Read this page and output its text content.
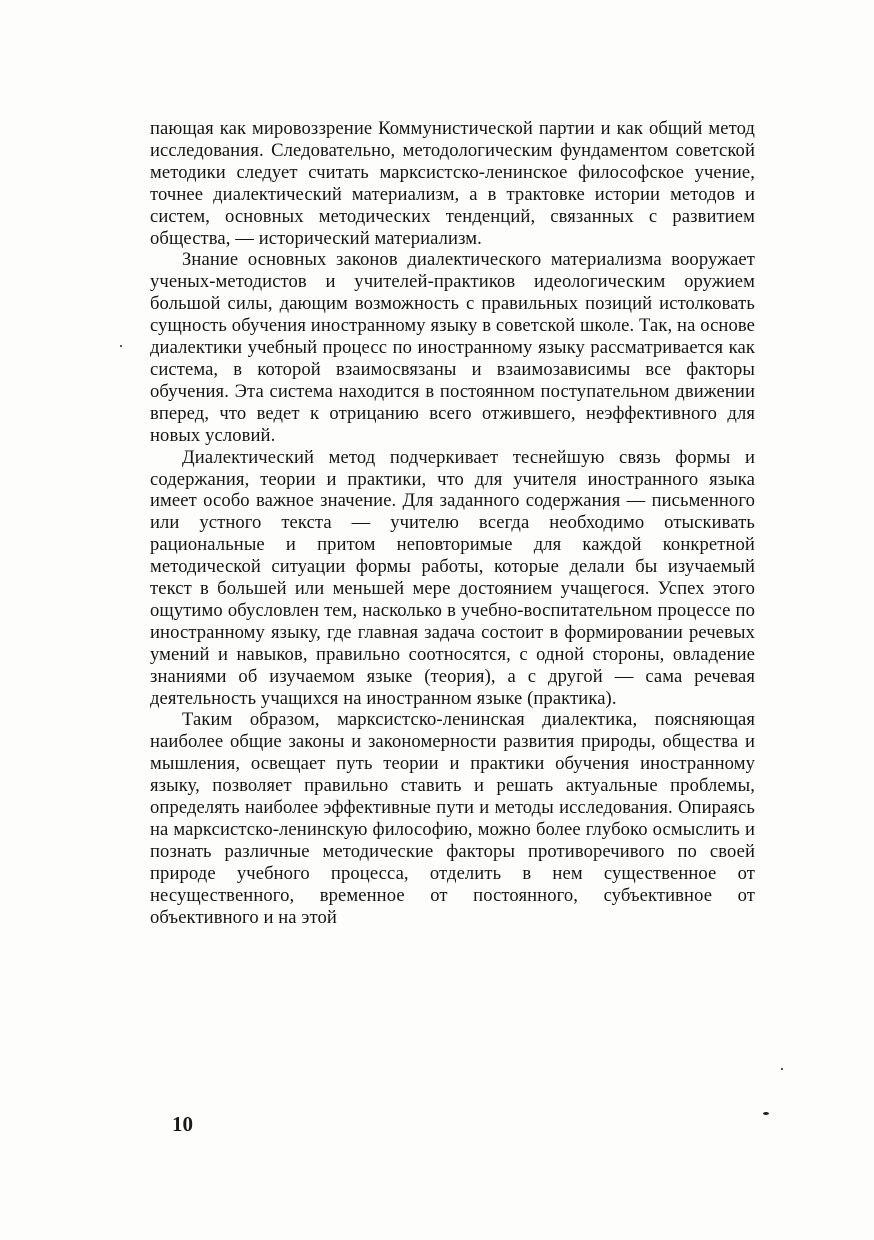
пающая как мировоззрение Коммунистической партии и как общий метод исследования. Следовательно, методологическим фундаментом советской методики следует считать марксистско-ленинское философское учение, точнее диалектический материализм, а в трактовке истории методов и систем, основных методических тенденций, связанных с развитием общества, — исторический материализм.

Знание основных законов диалектического материализма вооружает ученых-методистов и учителей-практиков идеологическим оружием большой силы, дающим возможность с правильных позиций истолковать сущность обучения иностранному языку в советской школе. Так, на основе диалектики учебный процесс по иностранному языку рассматривается как система, в которой взаимосвязаны и взаимозависимы все факторы обучения. Эта система находится в постоянном поступательном движении вперед, что ведет к отрицанию всего отжившего, неэффективного для новых условий.

Диалектический метод подчеркивает теснейшую связь формы и содержания, теории и практики, что для учителя иностранного языка имеет особо важное значение. Для заданного содержания — письменного или устного текста — учителю всегда необходимо отыскивать рациональные и притом неповторимые для каждой конкретной методической ситуации формы работы, которые делали бы изучаемый текст в большей или меньшей мере достоянием учащегося. Успех этого ощутимо обусловлен тем, насколько в учебно-воспитательном процессе по иностранному языку, где главная задача состоит в формировании речевых умений и навыков, правильно соотносятся, с одной стороны, овладение знаниями об изучаемом языке (теория), а с другой — сама речевая деятельность учащихся на иностранном языке (практика).

Таким образом, марксистско-ленинская диалектика, поясняющая наиболее общие законы и закономерности развития природы, общества и мышления, освещает путь теории и практики обучения иностранному языку, позволяет правильно ставить и решать актуальные проблемы, определять наиболее эффективные пути и методы исследования. Опираясь на марксистско-ленинскую философию, можно более глубоко осмыслить и познать различные методические факторы противоречивого по своей природе учебного процесса, отделить в нем существенное от несущественного, временное от постоянного, субъективное от объективного и на этой

10
